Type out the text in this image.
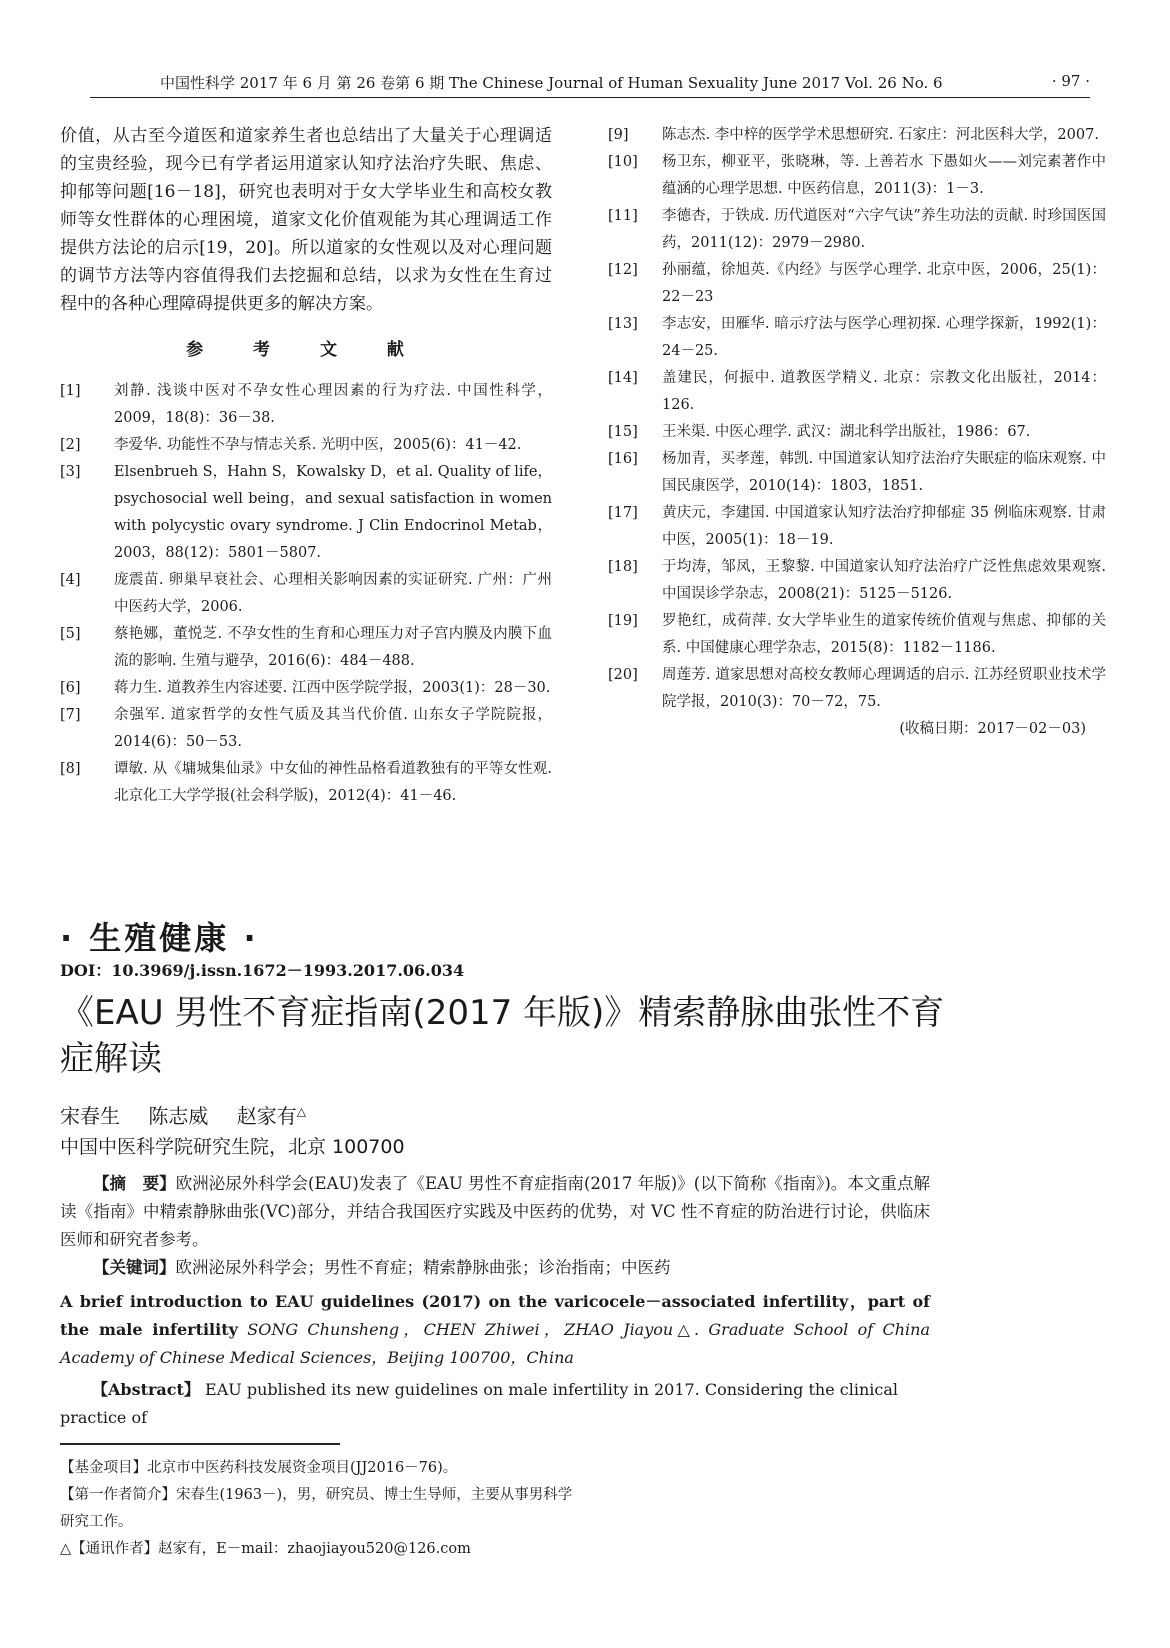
中国性科学 2017 年 6 月 第 26 卷第 6 期 The Chinese Journal of Human Sexuality June 2017 Vol. 26 No. 6	· 97 ·

价值，从古至今道医和道家养生者也总结出了大量关于心理调适的宝贵经验，现今已有学者运用道家认知疗法治疗失眠、焦虑、抑郁等问题[16－18]，研究也表明对于女大学毕业生和高校女教师等女性群体的心理困境，道家文化价值观能为其心理调适工作提供方法论的启示[19，20]。所以道家的女性观以及对心理问题的调节方法等内容值得我们去挖掘和总结，以求为女性在生育过程中的各种心理障碍提供更多的解决方案。

参 考 文 献
[1]	刘静. 浅谈中医对不孕女性心理因素的行为疗法. 中国性科学，2009，18(8)：36－38.
[2]	李爱华. 功能性不孕与情志关系. 光明中医，2005(6)：41－42.
[3]	Elsenbrueh S，Hahn S，Kowalsky D，et al. Quality of life，psychosocial well being，and sexual satisfaction in women with polycystic ovary syndrome. J Clin Endocrinol Metab，2003，88(12)：5801－5807.
[4]	庞震苗. 卵巢早衰社会、心理相关影响因素的实证研究. 广州：广州中医药大学，2006.
[5]	蔡艳娜，董悦芝. 不孕女性的生育和心理压力对子宫内膜及内膜下血流的影响. 生殖与避孕，2016(6)：484－488.
[6]	蒋力生. 道教养生内容述要. 江西中医学院学报，2003(1)：28－30.
[7]	余强军. 道家哲学的女性气质及其当代价值. 山东女子学院院报，2014(6)：50－53.
[8]	谭敏. 从《墉城集仙录》中女仙的神性品格看道教独有的平等女性观. 北京化工大学学报(社会科学版)，2012(4)：41－46.
[9]	陈志杰. 李中梓的医学学术思想研究. 石家庄：河北医科大学，2007.
[10]	杨卫东，柳亚平，张晓琳，等. 上善若水 下愚如火——刘完素著作中蕴涵的心理学思想. 中医药信息，2011(3)：1－3.
[11]	李德杏，于铁成. 历代道医对“六字气诀”养生功法的贡献. 时珍国医国药，2011(12)：2979－2980.
[12]	孙丽蕴，徐旭英.《内经》与医学心理学. 北京中医，2006，25(1)：22－23
[13]	李志安，田雁华. 暗示疗法与医学心理初探. 心理学探新，1992(1)：24－25.
[14]	盖建民，何振中. 道教医学精义. 北京：宗教文化出版社，2014：126.
[15]	王米渠. 中医心理学. 武汉：湖北科学出版社，1986：67.
[16]	杨加青，买孝莲，韩凯. 中国道家认知疗法治疗失眠症的临床观察. 中国民康医学，2010(14)：1803，1851.
[17]	黄庆元，李建国. 中国道家认知疗法治疗抑郁症 35 例临床观察. 甘肃中医，2005(1)：18－19.
[18]	于均涛，邹凤，王黎黎. 中国道家认知疗法治疗广泛性焦虑效果观察. 中国误诊学杂志，2008(21)：5125－5126.
[19]	罗艳红，成荷萍. 女大学毕业生的道家传统价值观与焦虑、抑郁的关系. 中国健康心理学杂志，2015(8)：1182－1186.
[20]	周莲芳. 道家思想对高校女教师心理调适的启示. 江苏经贸职业技术学院学报，2010(3)：70－72，75.
(收稿日期：2017－02－03)
· 生殖健康 ·
DOI：10.3969/j.issn.1672－1993.2017.06.034
《EAU 男性不育症指南(2017 年版)》精索静脉曲张性不育症解读
宋春生 陈志威 赵家有△
中国中医科学院研究生院，北京 100700

【摘　要】欧洲泌尿外科学会(EAU)发表了《EAU 男性不育症指南(2017 年版)》(以下简称《指南》)。本文重点解读《指南》中精索静脉曲张(VC)部分，并结合我国医疗实践及中医药的优势，对 VC 性不育症的防治进行讨论，供临床医师和研究者参考。

【关键词】欧洲泌尿外科学会；男性不育症；精索静脉曲张；诊治指南；中医药

A brief introduction to EAU guidelines (2017) on the varicocele－associated infertility，part of the male infertility SONG Chunsheng，CHEN Zhiwei，ZHAO Jiayou△. Graduate School of China Academy of Chinese Medical Sciences，Beijing 100700，China
【Abstract】 EAU published its new guidelines on male infertility in 2017. Considering the clinical practice of
【基金项目】北京市中医药科技发展资金项目(JJ2016－76)。
【第一作者简介】宋春生(1963－)，男，研究员、博士生导师，主要从事男科学研究工作。
△【通讯作者】赵家有，E－mail：zhaojiayou520@126.com
